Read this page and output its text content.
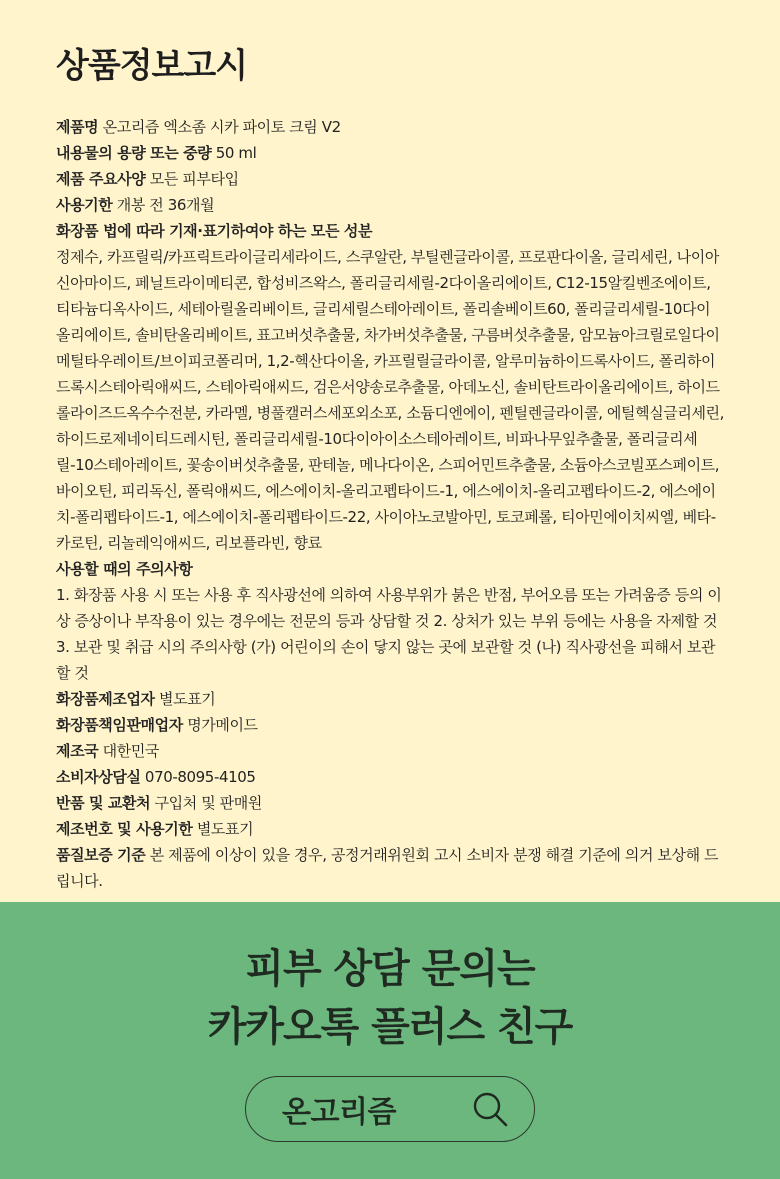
상품정보고시
제품명 온고리즘 엑소좀 시카 파이토 크림 V2
내용물의 용량 또는 중량 50 ml
제품 주요사양 모든 피부타입
사용기한 개봉 전 36개월
화장품 법에 따라 기재·표기하여야 하는 모든 성분
정제수, 카프릴릭/카프릭트라이글리세라이드, 스쿠알란, 부틸렌글라이콜, 프로판다이올, 글리세린, 나이아신아마이드, 페닐트라이메티콘, 합성비즈왁스, 폴리글리세릴-2다이올리에이트, C12-15알킬벤조에이트, 티타늄디옥사이드, 세테아릴올리베이트, 글리세릴스테아레이트, 폴리솔베이트60, 폴리글리세릴-10다이올리에이트, 솔비탄올리베이트, 표고버섯추출물, 차가버섯추출물, 구름버섯추출물, 암모늄아크릴로일다이메틸타우레이트/브이피코폴리머, 1,2-헥산다이올, 카프릴릴글라이콜, 알루미늄하이드록사이드, 폴리하이드록시스테아릭애씨드, 스테아릭애씨드, 검은서양송로추출물, 아데노신, 솔비탄트라이올리에이트, 하이드롤라이즈드옥수수전분, 카라멜, 병풀캘러스세포외소포, 소듐디엔에이, 펜틸렌글라이콜, 에틸헥실글리세린, 하이드로제네이티드레시틴, 폴리글리세릴-10다이아이소스테아레이트, 비파나무잎추출물, 폴리글리세릴-10스테아레이트, 꽃송이버섯추출물, 판테놀, 메나다이온, 스피어민트추출물, 소듐아스코빌포스페이트, 바이오틴, 피리독신, 폴릭애씨드, 에스에이치-올리고펩타이드-1, 에스에이치-올리고펩타이드-2, 에스에이치-폴리펩타이드-1, 에스에이치-폴리펩타이드-22, 사이아노코발아민, 토코페롤, 티아민에이치씨엘, 베타-카로틴, 리놀레익애씨드, 리보플라빈, 향료
사용할 때의 주의사항
1. 화장품 사용 시 또는 사용 후 직사광선에 의하여 사용부위가 붉은 반점, 부어오름 또는 가려움증 등의 이상 증상이나 부작용이 있는 경우에는 전문의 등과 상담할 것 2. 상처가 있는 부위 등에는 사용을 자제할 것 3. 보관 및 취급 시의 주의사항 (가) 어린이의 손이 닿지 않는 곳에 보관할 것 (나) 직사광선을 피해서 보관할 것
화장품제조업자 별도표기
화장품책임판매업자 명가메이드
제조국 대한민국
소비자상담실 070-8095-4105
반품 및 교환처 구입처 및 판매원
제조번호 및 사용기한 별도표기
품질보증 기준 본 제품에 이상이 있을 경우, 공정거래위원회 고시 소비자 분쟁 해결 기준에 의거 보상해 드립니다.
피부 상담 문의는
카카오톡 플러스 친구
온고리즘
